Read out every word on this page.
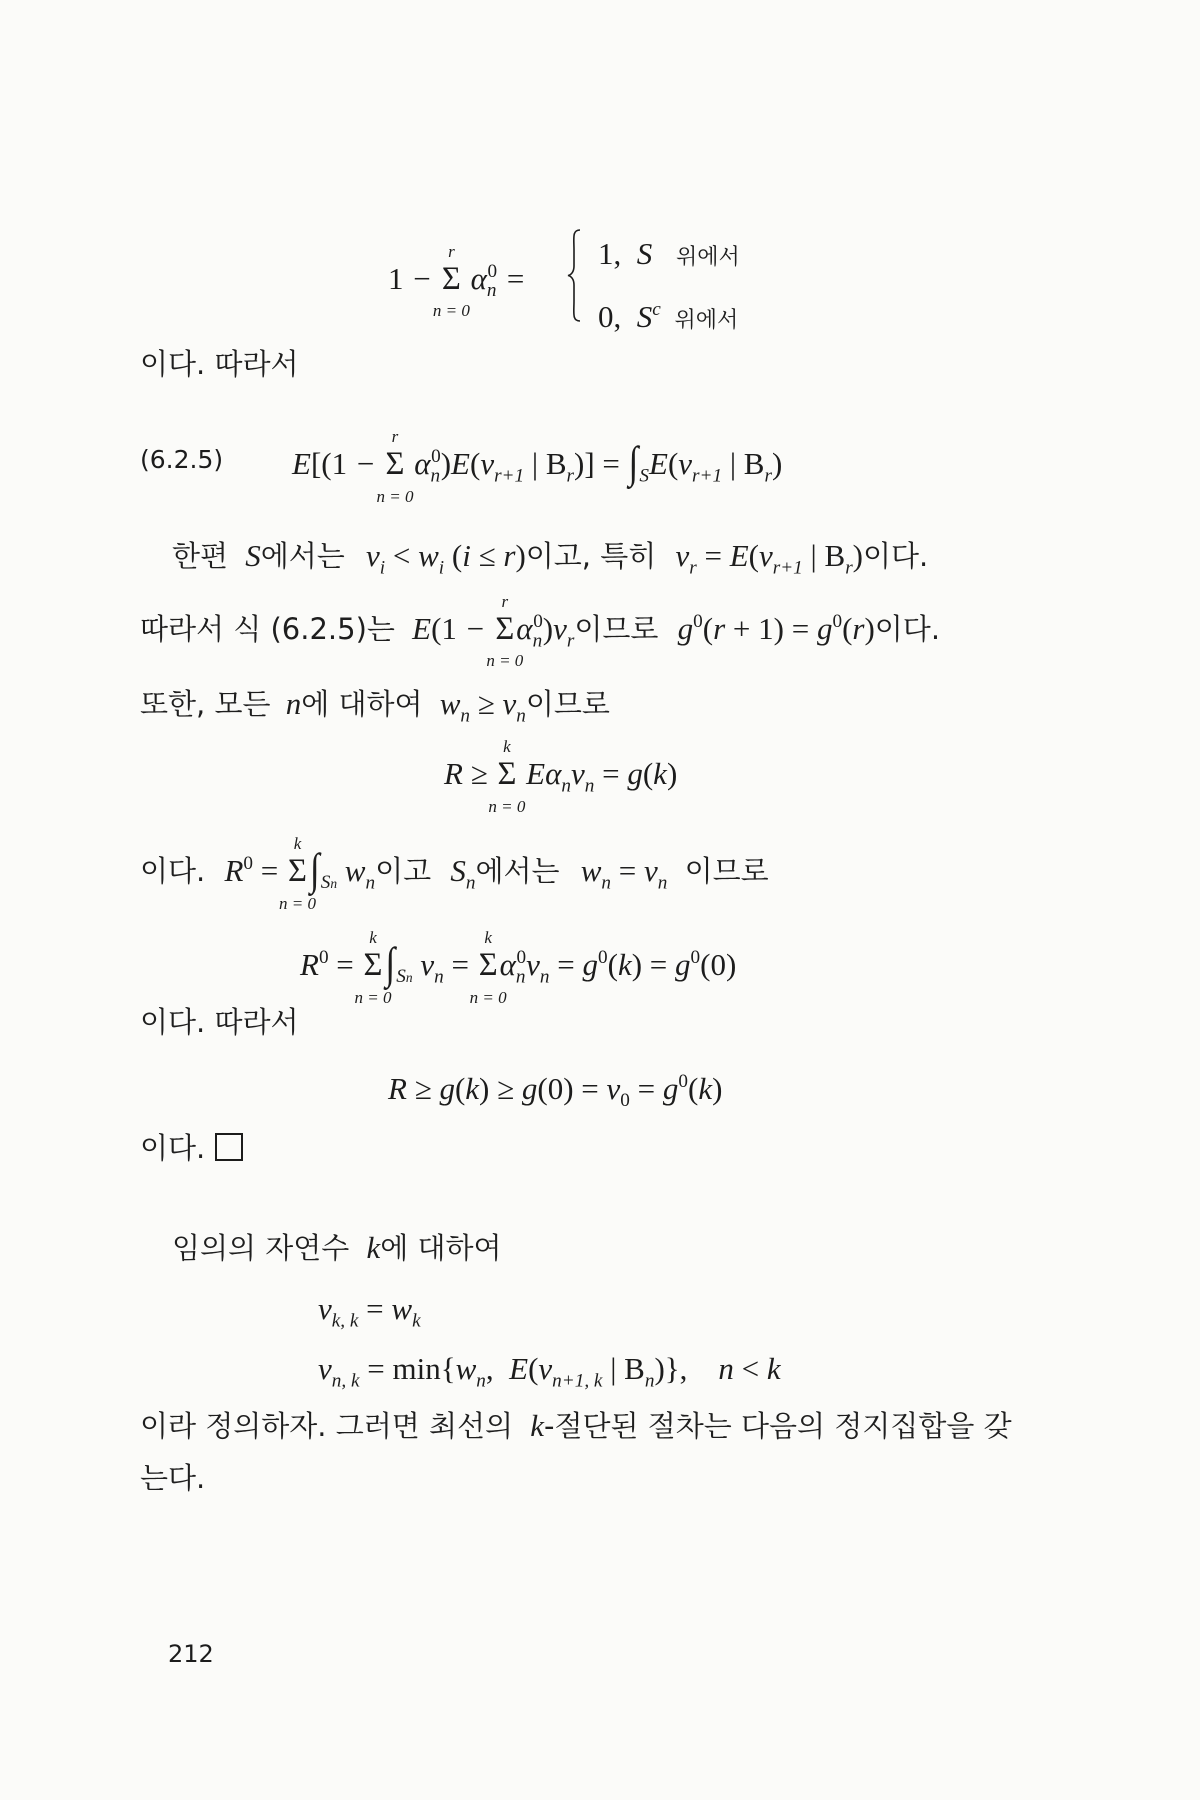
1 −
r
Σ
n = 0
$\alpha_n^0$ =
1,  S 위에서
0,  $S^c$ 위에서
이다. 따라서
(6.2.5) E[(1 −
r
Σ
n = 0
$\alpha_n^0)E(v_{r+1}$ | $B_r)] = \int_SE(v_{r+1}$ | $B_r$)
한편 S에서는 $v_i < w_i$ (i ≤ r)이고, 특히 $v_r = E(v_{r+1}$ | $B_r$)이다.
따라서 식 (6.2.5)는 E(1 −
r
Σ
n = 0
$\alpha_n^0)v_r$이므로 $g^0(r + 1) = g^0(r)$이다.
또한, 모든 n에 대하여 $w_n \ge v_n$이므로
R ≥
k
Σ
n = 0
$E\alpha_nv_n = g(k)$
이다. $R^0$ =
k
Σ
n = 0
$\int_{Sn}$ $w_n$이고 $S_n$에서는 $w_n = v_n$ 이므로
$R^0$ =
k
Σ
n = 0
$\int_{Sn}$ $v_n$ =
k
Σ
n = 0
$\alpha_n^0v_n = g^0(k) = g^0(0)$
이다. 따라서
$R \ge g(k) \ge g(0) = v_0 = g^0(k)$
이다.
임의의 자연수 k에 대하여
$v_{k, k} = w_k$
$v_{n, k} = \min\{w_n$,  $E(v_{n+1, k}$ | $B_n$)},    n < k
이라 정의하자. 그러면 최선의 k-절단된 절차는 다음의 정지집합을 갖
는다.
212
